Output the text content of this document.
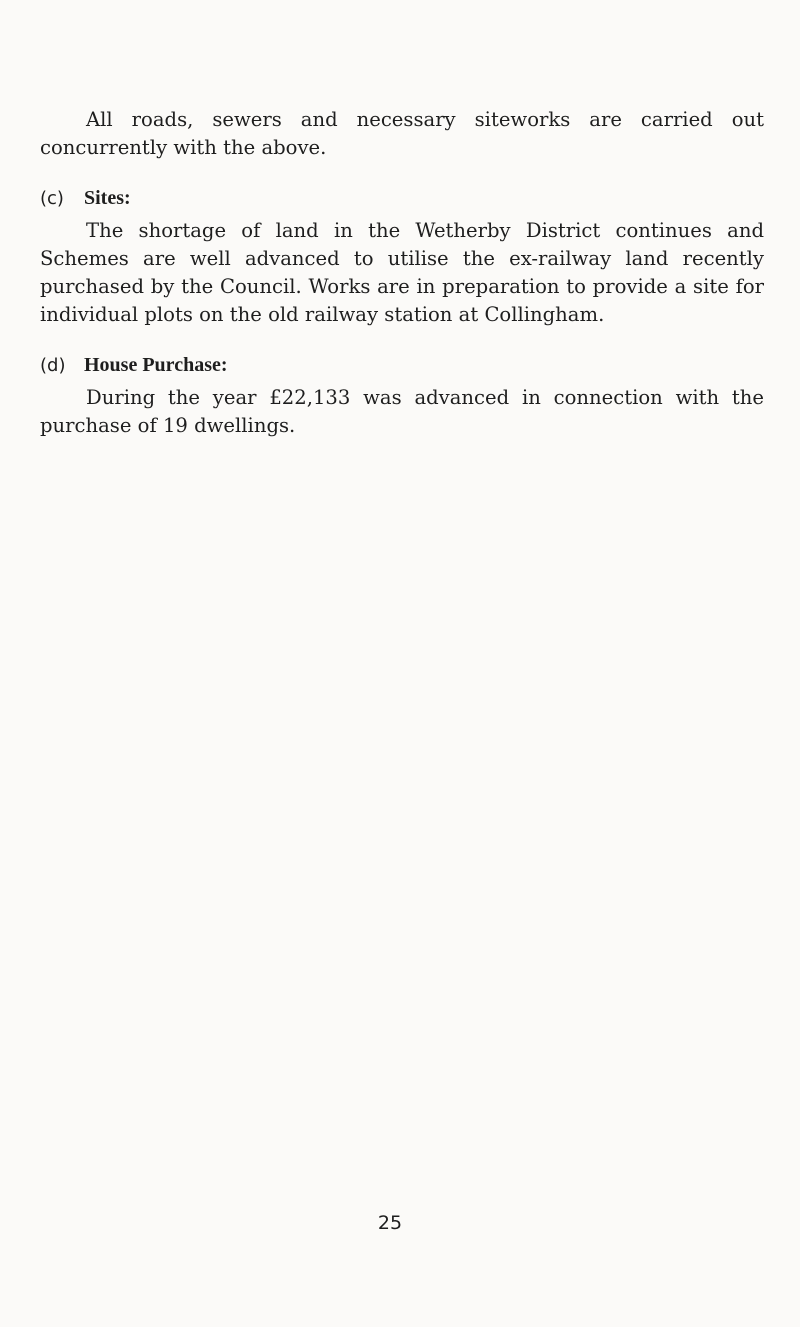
All roads, sewers and necessary siteworks are carried out concurrently with the above.

(c) Sites:

The shortage of land in the Wetherby District continues and Schemes are well advanced to utilise the ex-railway land recently purchased by the Council. Works are in preparation to provide a site for individual plots on the old railway station at Collingham.

(d) House Purchase:

During the year £22,133 was advanced in connection with the purchase of 19 dwellings.

25
